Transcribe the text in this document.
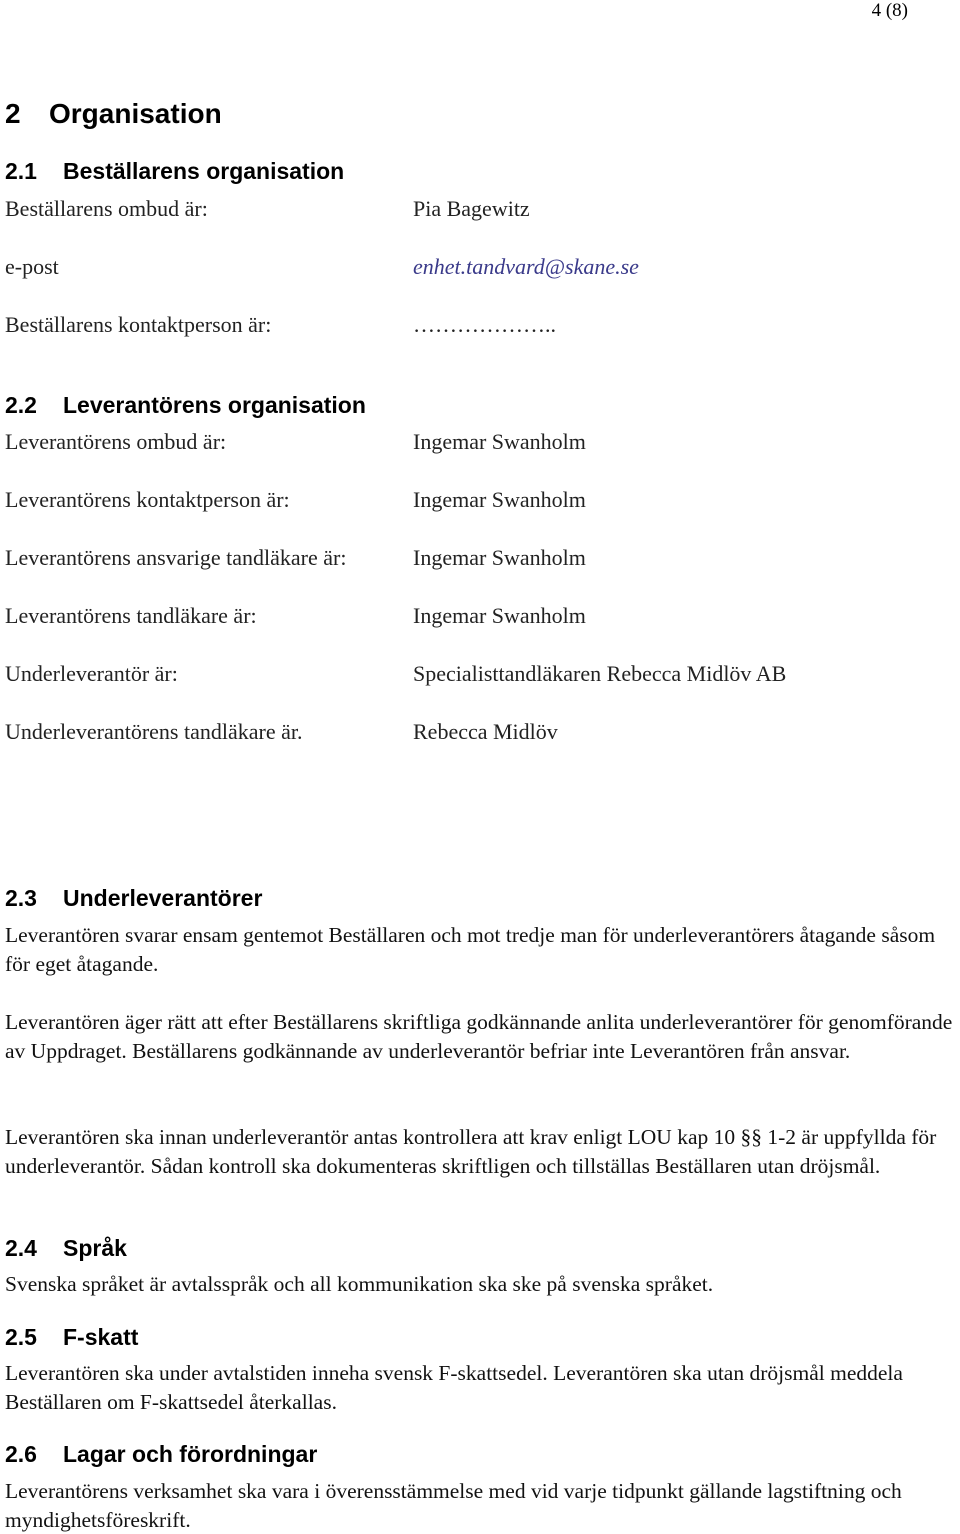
4 (8)
2 Organisation
2.1 Beställarens organisation
Beställarens ombud är:	Pia Bagewitz
e-post	enhet.tandvard@skane.se
Beställarens kontaktperson är:	………………..
2.2 Leverantörens organisation
Leverantörens ombud är:	Ingemar Swanholm
Leverantörens kontaktperson är:	Ingemar Swanholm
Leverantörens ansvarige tandläkare är:	Ingemar Swanholm
Leverantörens tandläkare är:	Ingemar Swanholm
Underleverantör är:	Specialisttandläkaren Rebecca Midlöv AB
Underleverantörens tandläkare är.	Rebecca Midlöv
2.3 Underleverantörer
Leverantören svarar ensam gentemot Beställaren och mot tredje man för underleverantörers åtagande såsom för eget åtagande.
Leverantören äger rätt att efter Beställarens skriftliga godkännande anlita underleverantörer för genomförande av Uppdraget. Beställarens godkännande av underleverantör befriar inte Leverantören från ansvar.
Leverantören ska innan underleverantör antas kontrollera att krav enligt LOU kap 10 §§ 1-2 är uppfyllda för underleverantör. Sådan kontroll ska dokumenteras skriftligen och tillställas Beställaren utan dröjsmål.
2.4 Språk
Svenska språket är avtalsspråk och all kommunikation ska ske på svenska språket.
2.5 F-skatt
Leverantören ska under avtalstiden inneha svensk F-skattsedel. Leverantören ska utan dröjsmål meddela Beställaren om F-skattsedel återkallas.
2.6 Lagar och förordningar
Leverantörens verksamhet ska vara i överensstämmelse med vid varje tidpunkt gällande lagstiftning och myndighetsföreskrift.
